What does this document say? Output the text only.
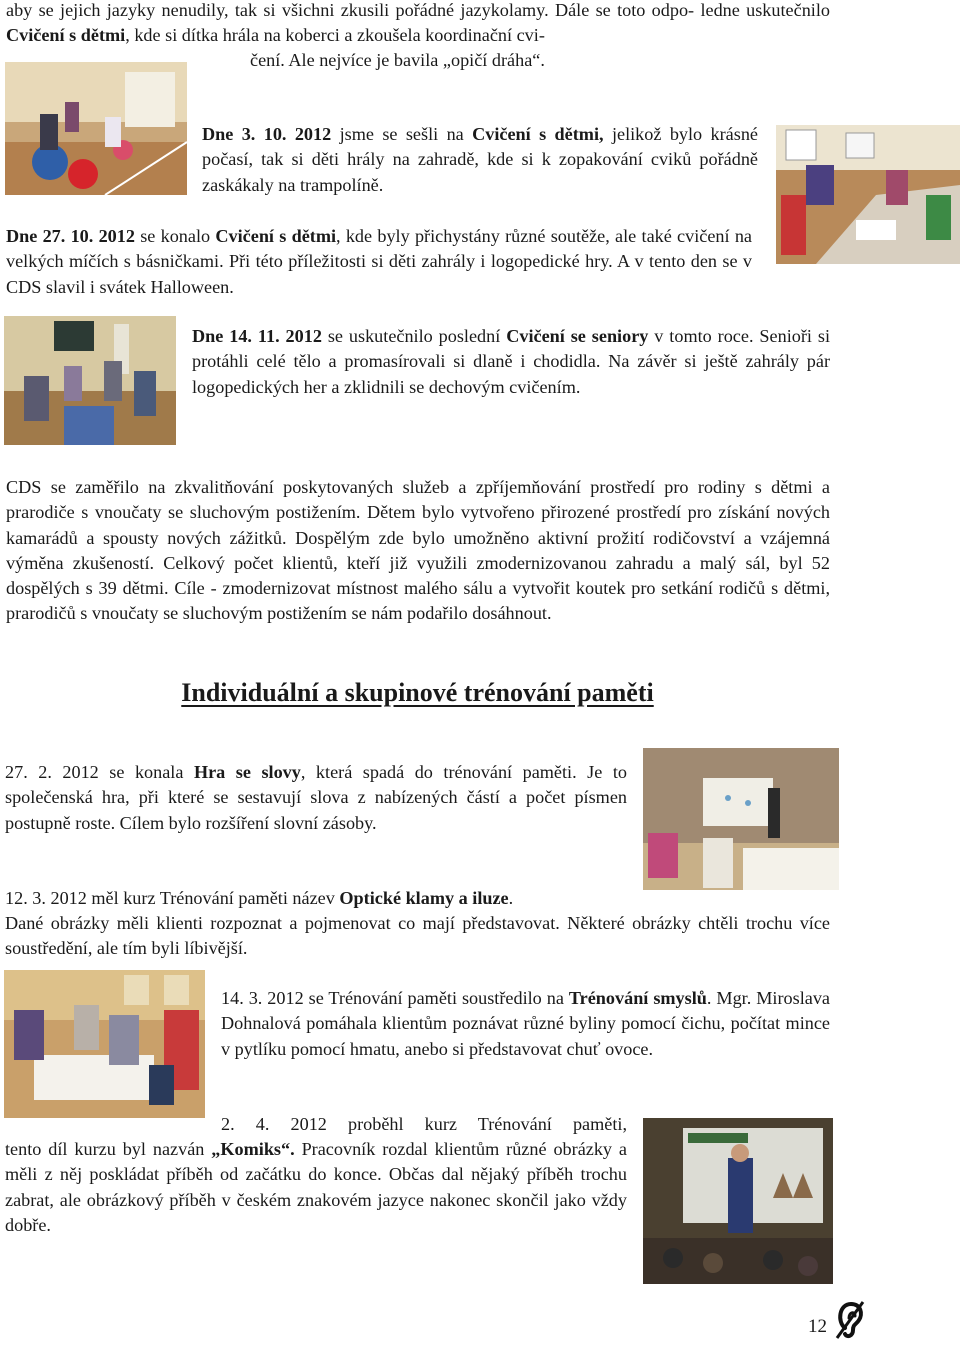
aby se jejich jazyky nenudily, tak si všichni zkusili pořádné jazykolamy. Dále se toto odpo- ledne uskutečnilo Cvičení s dětmi, kde si dítka hrála na koberci a zkoušela koordinační cvi-

čení. Ale nejvíce je bavila „opičí dráha“.

Dne 3. 10. 2012 jsme se sešli na Cvičení s dětmi, jelikož bylo krásné počasí, tak si děti hrály na zahradě, kde si k zopakování cviků pořádně zaskákaly na trampolíně.

Dne 27. 10. 2012 se konalo Cvičení s dětmi, kde byly přichystány různé soutěže, ale také cvičení na velkých míčích s básničkami. Při této příležitosti si děti zahrály i logopedické hry. A v tento den se v CDS slavil i svátek Halloween.

Dne 14. 11. 2012 se uskutečnilo poslední Cvičení se seniory v tomto roce. Senioři si protáhli celé tělo a promasírovali si dlaně i chodidla. Na závěr si ještě zahrály pár logopedických her a zklidnili se dechovým cvičením.

CDS se zaměřilo na zkvalitňování poskytovaných služeb a zpříjemňování prostředí pro rodiny s dětmi a prarodiče s vnoučaty se sluchovým postižením. Dětem bylo vytvořeno přirozené prostředí pro získání nových kamarádů a spousty nových zážitků. Dospělým zde bylo umožněno aktivní prožití rodičovství a vzájemná výměna zkušeností. Celkový počet klientů, kteří již využili zmodernizovanou zahradu a malý sál, byl 52 dospělých s 39 dětmi. Cíle - zmodernizovat místnost malého sálu a vytvořit koutek pro setkání rodičů s dětmi, prarodičů s vnoučaty se sluchovým postižením se nám podařilo dosáhnout.

Individuální a skupinové trénování paměti

27. 2. 2012 se konala Hra se slovy, která spadá do trénování paměti. Je to společenská hra, při které se sestavují slova z nabízených částí a počet písmen postupně roste. Cílem bylo rozšíření slovní zásoby.

12. 3. 2012 měl kurz Trénování paměti název Optické klamy a iluze.

Dané obrázky měli klienti rozpoznat a pojmenovat co mají představovat. Některé obrázky chtěli trochu více soustředění, ale tím byli líbivější.

14. 3. 2012 se Trénování paměti soustředilo na Trénování smyslů. Mgr. Miroslava Dohnalová pomáhala klientům poznávat různé byliny pomocí čichu, počítat mince v pytlíku pomocí hmatu, anebo si představovat chuť ovoce.

2. 4. 2012 proběhl kurz Trénování paměti,

tento díl kurzu byl nazván „Komiks“. Pracovník rozdal klientům různé obrázky a měli z něj poskládat příběh od začátku do konce. Občas dal nějaký příběh trochu zabrat, ale obrázkový příběh v českém znakovém jazyce nakonec skončil jako vždy dobře.

12
